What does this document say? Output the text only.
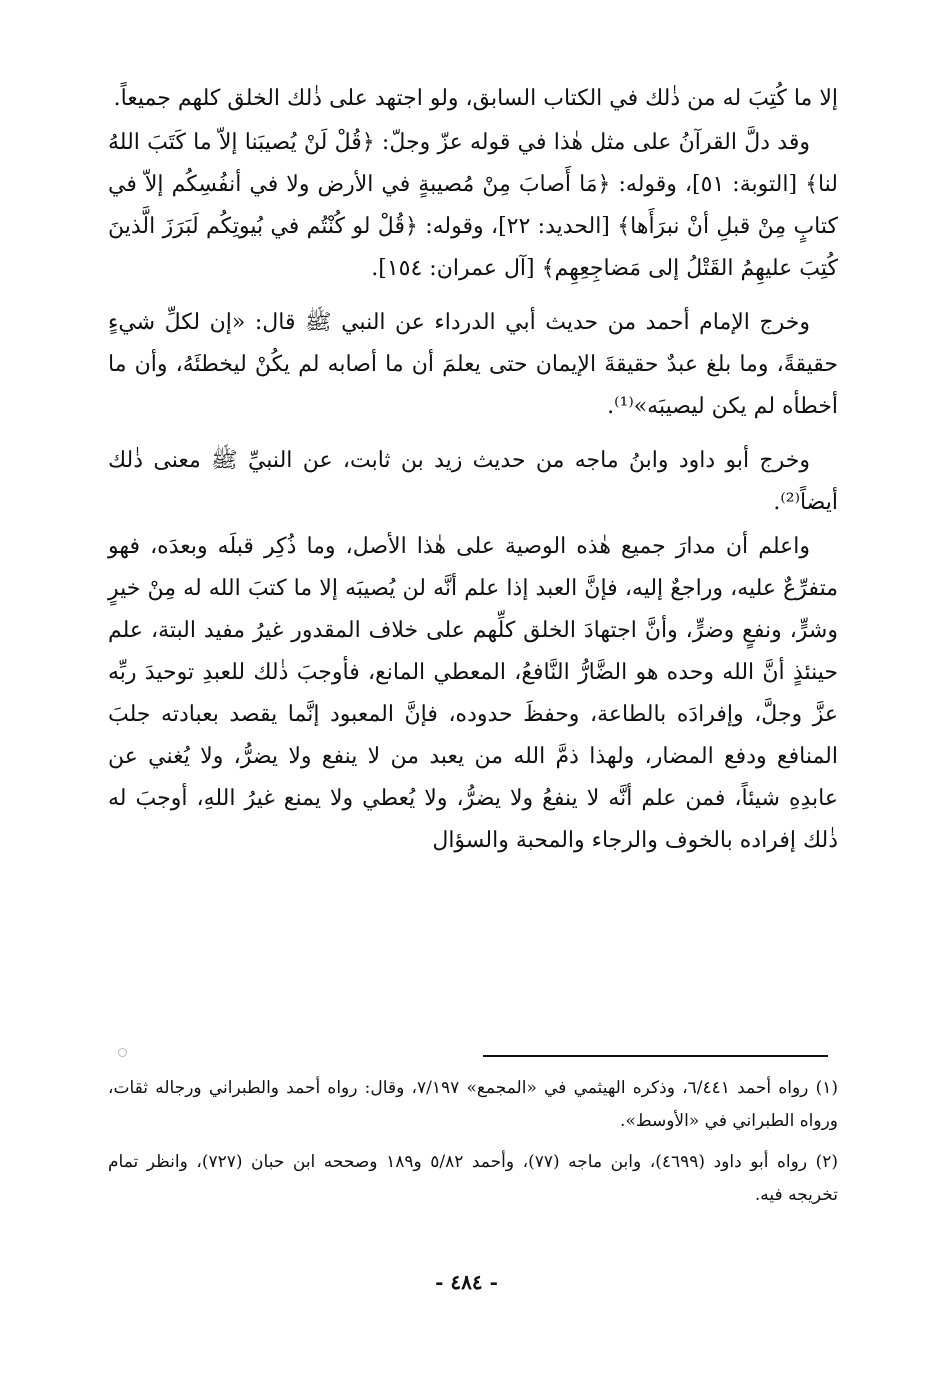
إلا ما كُتِبَ له من ذٰلك في الكتاب السابق، ولو اجتهد على ذٰلك الخلق كلهم جميعاً.

وقد دلَّ القرآنُ على مثل هٰذا في قوله عزّ وجلّ: ﴿قُلْ لَنْ يُصيبَنا إلاّ ما كَتَبَ اللهُ لنا﴾ [التوبة: ٥١]، وقوله: ﴿مَا أَصابَ مِنْ مُصيبةٍ في الأرض ولا في أنفُسِكُم إلاّ في كتابٍ مِنْ قبلِ أنْ نبرَأَها﴾ [الحديد: ٢٢]، وقوله: ﴿قُلْ لو كُنْتُم في بُيوتِكُم لَبَرَزَ الَّذينَ كُتِبَ عليهِمُ القَتْلُ إلى مَضاجِعِهِم﴾ [آل عمران: ١٥٤].

وخرج الإمام أحمد من حديث أبي الدرداء عن النبي ﷺ قال: «إن لكلِّ شيءٍ حقيقةً، وما بلغ عبدٌ حقيقةَ الإيمان حتى يعلمَ أن ما أصابه لم يكُنْ ليخطئَهُ، وأن ما أخطأه لم يكن ليصيبَه»⁽¹⁾.

وخرج أبو داود وابنُ ماجه من حديث زيد بن ثابت، عن النبيِّ ﷺ معنى ذٰلك أيضاً⁽²⁾.

واعلم أن مدارَ جميع هٰذه الوصية على هٰذا الأصل، وما ذُكِر قبلَه وبعدَه، فهو متفرِّعٌ عليه، وراجعٌ إليه، فإنَّ العبد إذا علم أنَّه لن يُصيبَه إلا ما كتبَ الله له مِنْ خيرٍ وشرٍّ، ونفعٍ وضرٍّ، وأنَّ اجتهادَ الخلق كلِّهم على خلاف المقدور غيرُ مفيد البتة، علم حينئذٍ أنَّ الله وحده هو الضَّارُّ النَّافعُ، المعطي المانع، فأوجبَ ذٰلك للعبدِ توحيدَ ربِّه عزَّ وجلَّ، وإفرادَه بالطاعة، وحفظَ حدوده، فإنَّ المعبود إنَّما يقصد بعبادته جلبَ المنافع ودفع المضار، ولهذا ذمَّ الله من يعبد من لا ينفع ولا يضرُّ، ولا يُغني عن عابدِهِ شيئاً، فمن علم أنَّه لا ينفعُ ولا يضرُّ، ولا يُعطي ولا يمنع غيرُ اللهِ، أوجبَ له ذٰلك إفراده بالخوف والرجاء والمحبة والسؤال

(١) رواه أحمد ٦/٤٤١، وذكره الهيثمي في «المجمع» ٧/١٩٧، وقال: رواه أحمد والطبراني ورجاله ثقات، ورواه الطبراني في «الأوسط».

(٢) رواه أبو داود (٤٦٩٩)، وابن ماجه (٧٧)، وأحمد ٥/٨٢ و١٨٩ وصححه ابن حبان (٧٢٧)، وانظر تمام تخريجه فيه.

- ٤٨٤ -
